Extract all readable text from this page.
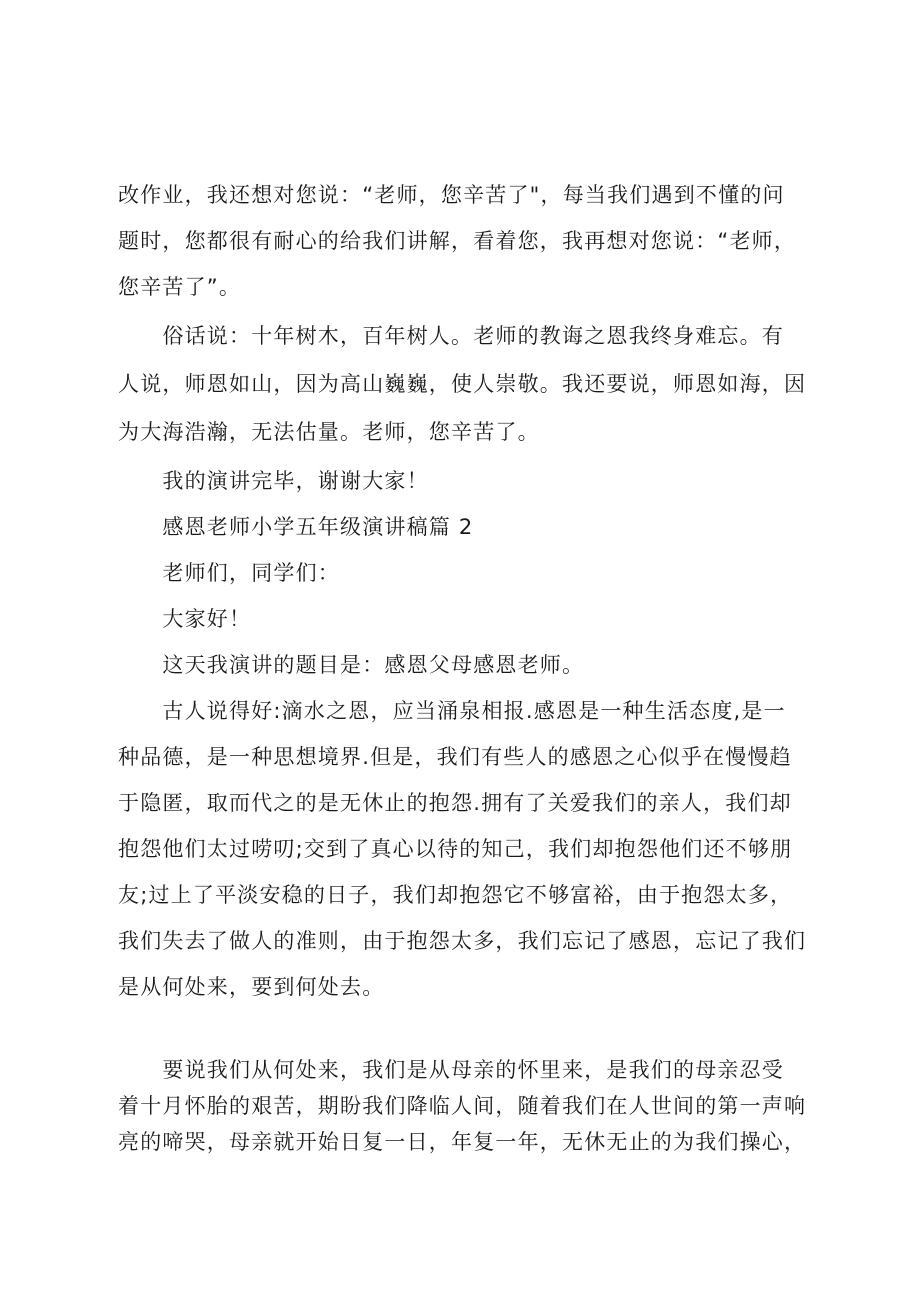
改作业，我还想对您说：“老师，您辛苦了"，每当我们遇到不懂的问
题时，您都很有耐心的给我们讲解，看着您，我再想对您说：“老师，
您辛苦了”。
　　俗话说：十年树木，百年树人。老师的教诲之恩我终身难忘。有
人说，师恩如山，因为高山巍巍，使人崇敬。我还要说，师恩如海，因
为大海浩瀚，无法估量。老师，您辛苦了。
　　我的演讲完毕，谢谢大家！
　　感恩老师小学五年级演讲稿篇 2
　　老师们，同学们：
　　大家好！
　　这天我演讲的题目是：感恩父母感恩老师。
　　古人说得好:滴水之恩，应当涌泉相报.感恩是一种生活态度,是一
种品德，是一种思想境界.但是，我们有些人的感恩之心似乎在慢慢趋
于隐匿，取而代之的是无休止的抱怨.拥有了关爱我们的亲人，我们却
抱怨他们太过唠叨;交到了真心以待的知己，我们却抱怨他们还不够朋
友;过上了平淡安稳的日子，我们却抱怨它不够富裕，由于抱怨太多，
我们失去了做人的准则，由于抱怨太多，我们忘记了感恩，忘记了我们
是从何处来，要到何处去。
　　要说我们从何处来，我们是从母亲的怀里来，是我们的母亲忍受
着十月怀胎的艰苦，期盼我们降临人间，随着我们在人世间的第一声响
亮的啼哭，母亲就开始日复一日，年复一年，无休无止的为我们操心，
